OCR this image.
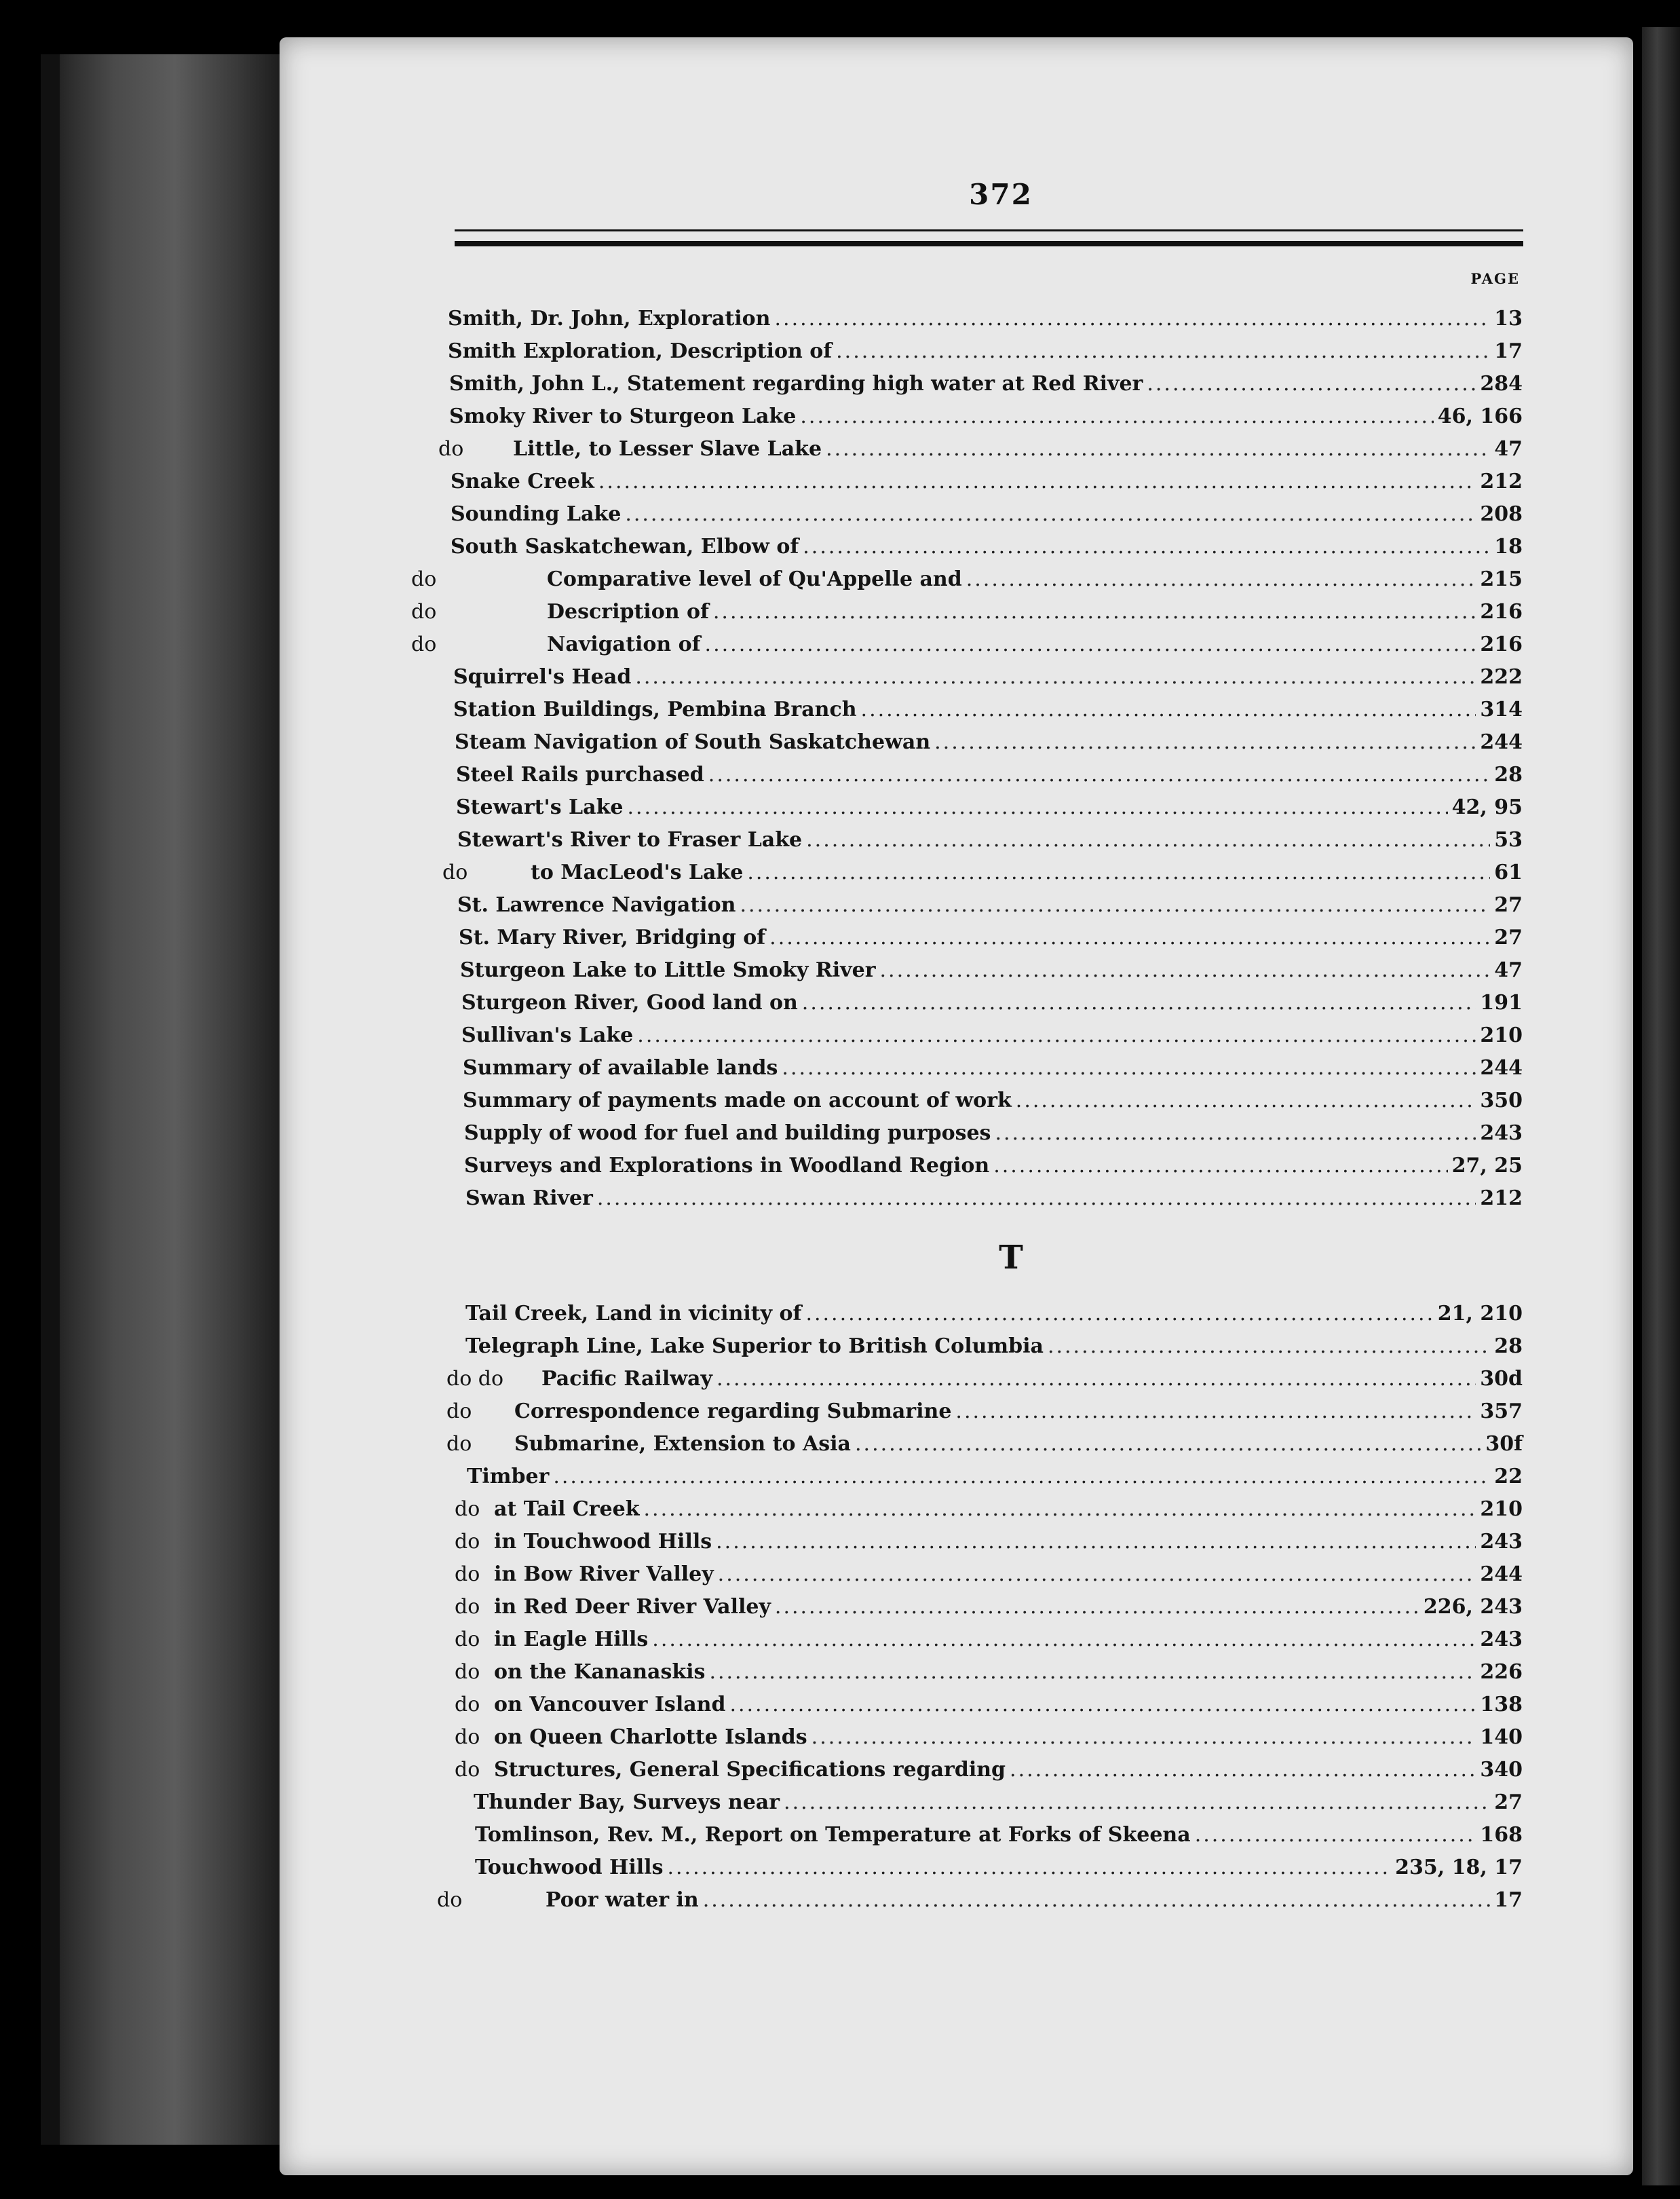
372
PAGE
T
Smith, Dr. John, Exploration .....	13
Smith Exploration, Description of .....	17
Smith, John L., Statement regarding high water at Red River .....	284
Smoky River to Sturgeon Lake .....	46, 166
do	Little, to Lesser Slave Lake .....	47
Snake Creek .....	212
Sounding Lake .....	208
South Saskatchewan, Elbow of .....	18
do	Comparative level of Qu'Appelle and .....	215
do	Description of .....	216
do	Navigation of .....	216
Squirrel's Head .....	222
Station Buildings, Pembina Branch .....	314
Steam Navigation of South Saskatchewan .....	244
Steel Rails purchased .....	28
Stewart's Lake .....	42, 95
Stewart's River to Fraser Lake .....	53
do	to MacLeod's Lake .....	61
St. Lawrence Navigation .....	27
St. Mary River, Bridging of .....	27
Sturgeon Lake to Little Smoky River .....	47
Sturgeon River, Good land on .....	191
Sullivan's Lake .....	210
Summary of available lands .....	244
Summary of payments made on account of work .....	350
Supply of wood for fuel and building purposes .....	243
Surveys and Explorations in Woodland Region .....	27, 25
Swan River .....	212
Tail Creek, Land in vicinity of .....	21, 210
Telegraph Line, Lake Superior to British Columbia .....	28
do do	Pacific Railway .....	30d
do	Correspondence regarding Submarine .....	357
do	Submarine, Extension to Asia .....	30f
Timber .....	22
do at Tail Creek .....	210
do in Touchwood Hills .....	243
do in Bow River Valley .....	244
do in Red Deer River Valley .....	226, 243
do in Eagle Hills .....	243
do on the Kananaskis .....	226
do on Vancouver Island .....	138
do on Queen Charlotte Islands .....	140
do Structures, General Specifications regarding .....	340
Thunder Bay, Surveys near .....	27
Tomlinson, Rev. M., Report on Temperature at Forks of Skeena .....	168
Touchwood Hills .....	235, 18, 17
do	Poor water in .....	17
